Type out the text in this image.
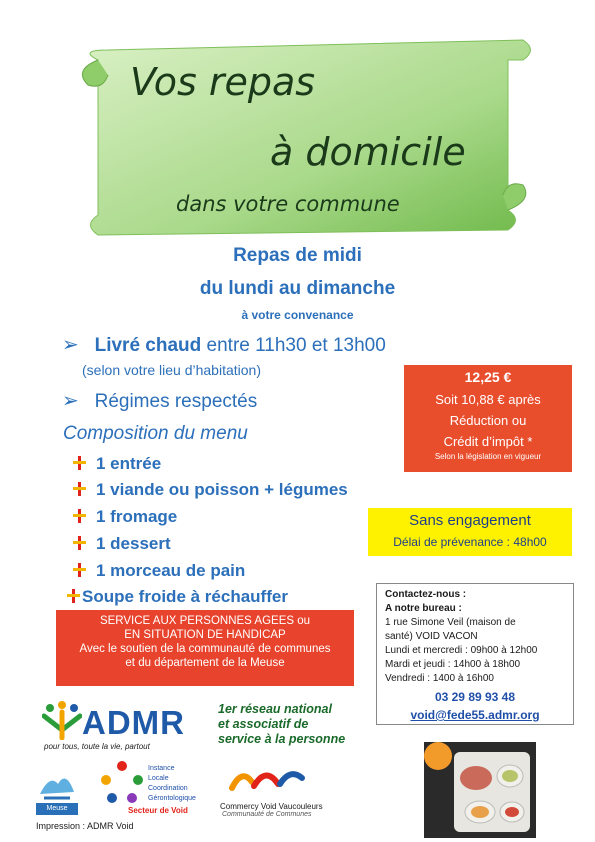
Vos repas
à domicile
dans votre commune
Repas de midi
du lundi au dimanche
à votre convenance
➢ Livré chaud entre 11h30 et 13h00
(selon votre lieu d’habitation)
➢ Régimes respectés
Composition du menu
1 entrée
1 viande ou poisson + légumes
1 fromage
1 dessert
1 morceau de pain
Soupe froide à réchauffer
12,25 €
Soit 10,88 € après
Réduction ou
Crédit d’impôt *
Selon la législation en vigueur
Sans engagement
Délai de prévenance : 48h00
SERVICE AUX PERSONNES AGEES ou
EN SITUATION DE HANDICAP
Avec le soutien de la communauté de communes
et du département de la Meuse
Contactez-nous :
A notre bureau :
1 rue Simone Veil (maison de
santé) VOID VACON
Lundi et mercredi : 09h00 à 12h00
Mardi et jeudi : 14h00 à 18h00
Vendredi : 1400 à 16h00
03 29 89 93 48
void@fede55.admr.org
ADMR
pour tous, toute la vie, partout
1er réseau national
et associatif de
service à la personne
Meuse
Instance
Locale
Coordination
Gérontologique
Secteur de Void	Commercy Void Vaucouleurs
Communauté de Communes
Impression : ADMR Void
